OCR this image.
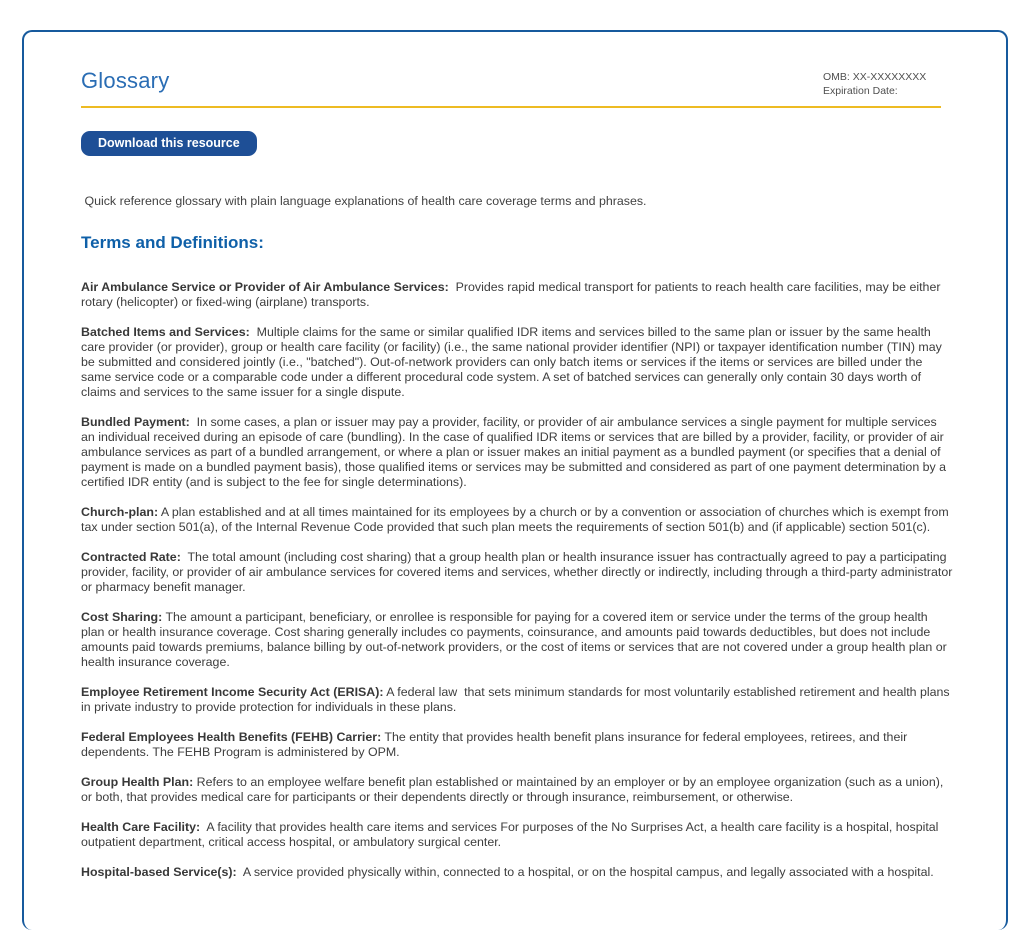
Glossary	OMB: XX-XXXXXXXX
Expiration Date:
Download this resource

Quick reference glossary with plain language explanations of health care coverage terms and phrases.

Terms and Definitions:

Air Ambulance Service or Provider of Air Ambulance Services:  Provides rapid medical transport for patients to reach health care facilities, may be either rotary (helicopter) or fixed-wing (airplane) transports.

Batched Items and Services:  Multiple claims for the same or similar qualified IDR items and services billed to the same plan or issuer by the same health care provider (or provider), group or health care facility (or facility) (i.e., the same national provider identifier (NPI) or taxpayer identification number (TIN) may be submitted and considered jointly (i.e., "batched"). Out-of-network providers can only batch items or services if the items or services are billed under the same service code or a comparable code under a different procedural code system. A set of batched services can generally only contain 30 days worth of claims and services to the same issuer for a single dispute.

Bundled Payment:  In some cases, a plan or issuer may pay a provider, facility, or provider of air ambulance services a single payment for multiple services an individual received during an episode of care (bundling). In the case of qualified IDR items or services that are billed by a provider, facility, or provider of air ambulance services as part of a bundled arrangement, or where a plan or issuer makes an initial payment as a bundled payment (or specifies that a denial of payment is made on a bundled payment basis), those qualified items or services may be submitted and considered as part of one payment determination by a certified IDR entity (and is subject to the fee for single determinations).

Church-plan: A plan established and at all times maintained for its employees by a church or by a convention or association of churches which is exempt from tax under section 501(a), of the Internal Revenue Code provided that such plan meets the requirements of section 501(b) and (if applicable) section 501(c).

Contracted Rate:  The total amount (including cost sharing) that a group health plan or health insurance issuer has contractually agreed to pay a participating provider, facility, or provider of air ambulance services for covered items and services, whether directly or indirectly, including through a third-party administrator or pharmacy benefit manager.

Cost Sharing: The amount a participant, beneficiary, or enrollee is responsible for paying for a covered item or service under the terms of the group health plan or health insurance coverage. Cost sharing generally includes co payments, coinsurance, and amounts paid towards deductibles, but does not include amounts paid towards premiums, balance billing by out-of-network providers, or the cost of items or services that are not covered under a group health plan or health insurance coverage.

Employee Retirement Income Security Act (ERISA): A federal law  that sets minimum standards for most voluntarily established retirement and health plans in private industry to provide protection for individuals in these plans.

Federal Employees Health Benefits (FEHB) Carrier: The entity that provides health benefit plans insurance for federal employees, retirees, and their dependents. The FEHB Program is administered by OPM.

Group Health Plan: Refers to an employee welfare benefit plan established or maintained by an employer or by an employee organization (such as a union), or both, that provides medical care for participants or their dependents directly or through insurance, reimbursement, or otherwise.

Health Care Facility:  A facility that provides health care items and services For purposes of the No Surprises Act, a health care facility is a hospital, hospital outpatient department, critical access hospital, or ambulatory surgical center.

Hospital-based Service(s):  A service provided physically within, connected to a hospital, or on the hospital campus, and legally associated with a hospital.
